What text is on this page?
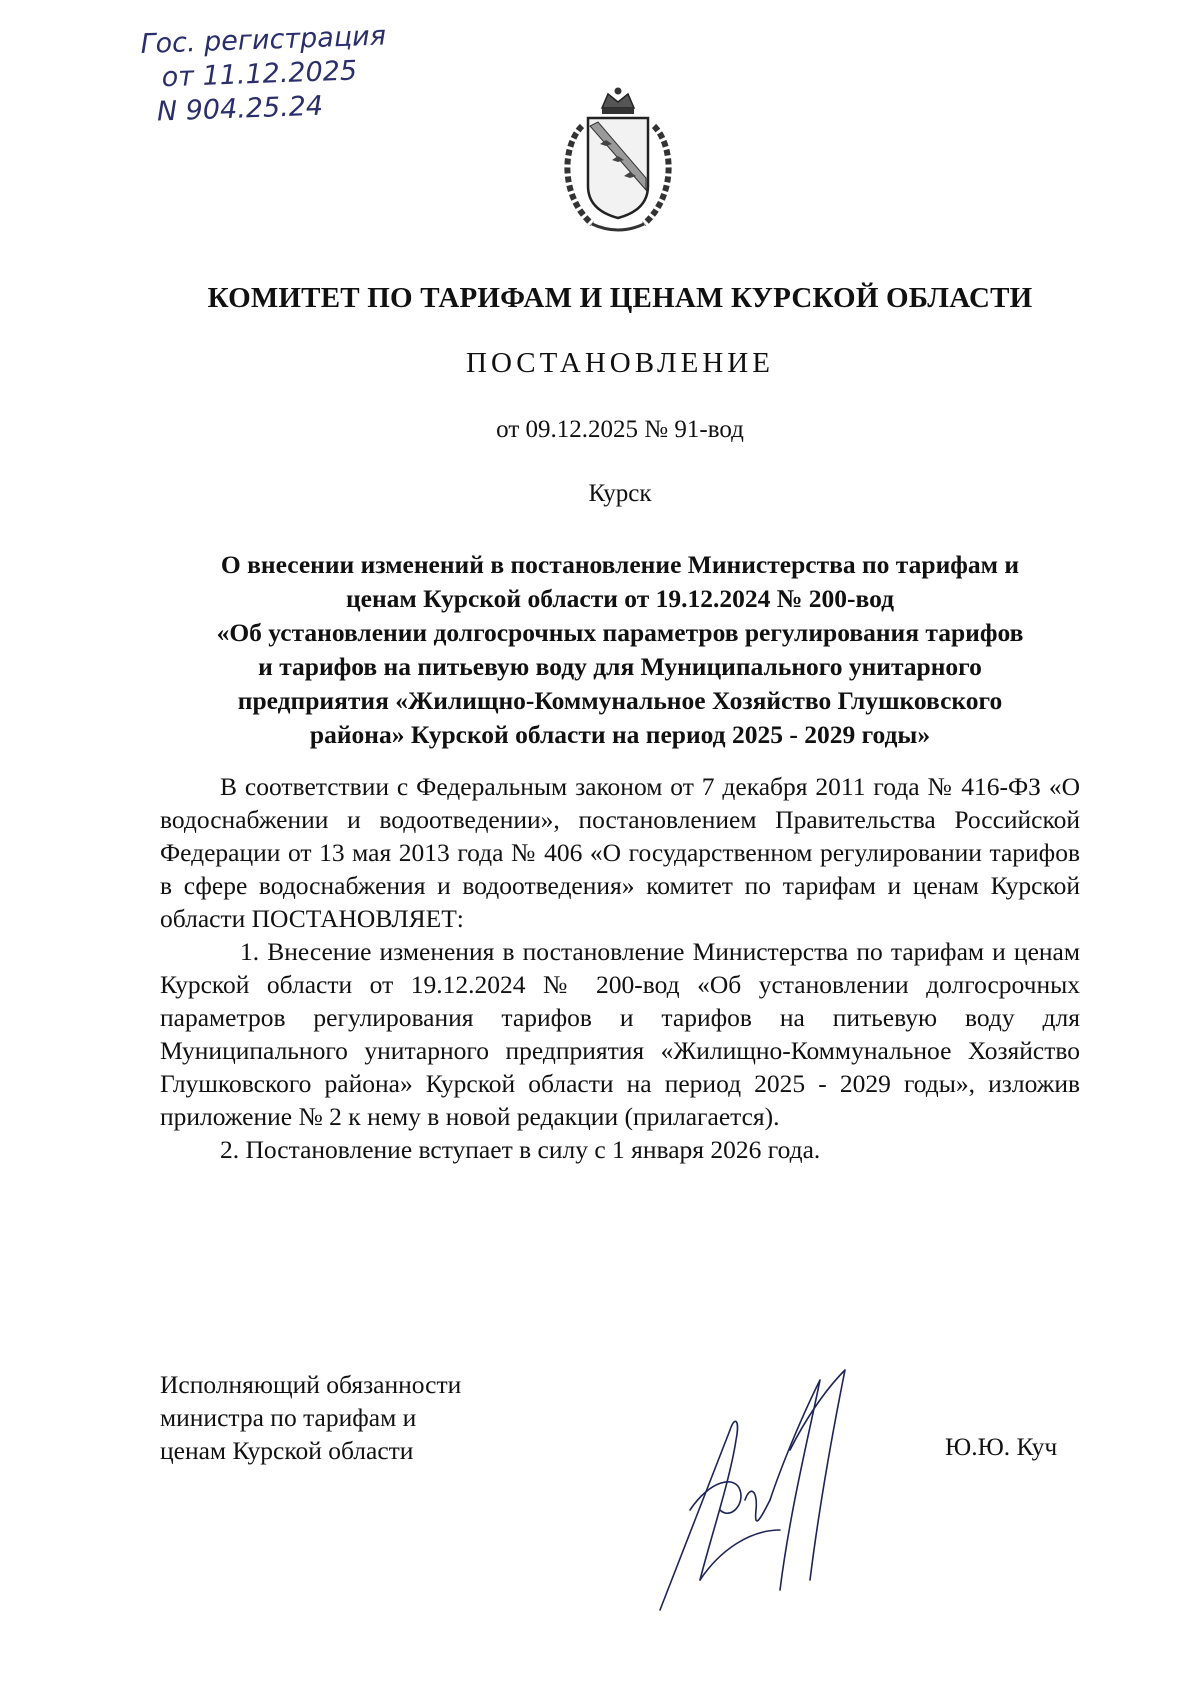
Гос. регистрация
от 11.12.2025
N 904.25.24
КОМИТЕТ ПО ТАРИФАМ И ЦЕНАМ КУРСКОЙ ОБЛАСТИ
ПОСТАНОВЛЕНИЕ
от 09.12.2025 № 91-вод
Курск
О внесении изменений в постановление Министерства по тарифам и
ценам Курской области от 19.12.2024 № 200-вод
«Об установлении долгосрочных параметров регулирования тарифов
и тарифов на питьевую воду для Муниципального унитарного
предприятия «Жилищно-Коммунальное Хозяйство Глушковского
района» Курской области на период 2025 - 2029 годы»

В соответствии с Федеральным законом от 7 декабря 2011 года № 416-ФЗ «О водоснабжении и водоотведении», постановлением Правительства Российской Федерации от 13 мая 2013 года № 406 «О государственном регулировании тарифов в сфере водоснабжения и водоотведения» комитет по тарифам и ценам Курской области ПОСТАНОВЛЯЕТ:

1. Внесение изменения в постановление Министерства по тарифам и ценам Курской области от 19.12.2024 № 200-вод «Об установлении долгосрочных параметров регулирования тарифов и тарифов на питьевую воду для Муниципального унитарного предприятия «Жилищно-Коммунальное Хозяйство Глушковского района» Курской области на период 2025 - 2029 годы», изложив приложение № 2 к нему в новой редакции (прилагается).

2. Постановление вступает в силу с 1 января 2026 года.

Исполняющий обязанности
министра по тарифам и
ценам Курской области	Ю.Ю. Куч
